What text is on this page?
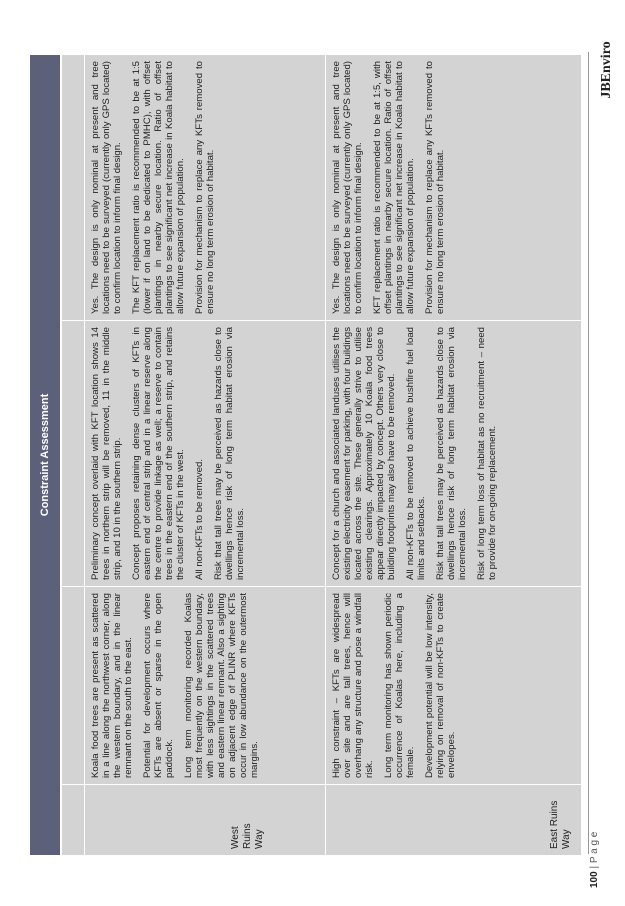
JBEnviro
100 | P a g e
Constraint Assessment
WestRuins
Way

Koala food trees are present as scattered in a line along the northwest corner, along the western boundary, and in the linear remnant on the south to the east. Potential for development occurs where KFTs are absent or sparse in the open paddock. Long term monitoring recorded Koalas most frequently on the western boundary, with less sightings in the scattered trees and eastern linear remnant. Also a sighting on adjacent edge of PLINR where KFTs occur in low abundance on the outermost margins.

Preliminary concept overlaid with KFT location shows 14 trees in northern strip will be removed, 11 in the middle strip, and 10 in the southern strip. Concept proposes retaining dense clusters of KFTs in eastern end of central strip and in a linear reserve along the centre to provide linkage as well; a reserve to contain trees in the eastern end of the southern strip, and retains the cluster of KFTs in the west. All non-KFTs to be removed. Risk that tall trees may be perceived as hazards close to dwellings hence risk of long term habitat erosion via incremental loss.

Yes. The design is only nominal at present and tree locations need to be surveyed (currently only GPS located) to confirm location to inform final design. The KFT replacement ratio is recommended to be at 1:5 (lower if on land to be dedicated to PMHC), with offset plantings in nearby secure location. Ratio of offset plantings to see significant net increase in Koala habitat to allow future expansion of population. Provision for mechanism to replace any KFTs removed to ensure no long term erosion of habitat.

East Ruins Way

High constraint – KFTs are widespread over site and are tall trees, hence will overhang any structure and pose a windfall risk. Long term monitoring has shown periodic occurrence of Koalas here, including a female. Development potential will be low intensity, relying on removal of non-KFTs to create envelopes.

Concept for a church and associated landuses utilises the existing electricity easement for parking, with four buildings located across the site. These generally strive to utilise existing clearings. Approximately 10 Koala food trees appear directly impacted by concept. Others very close to building footprints may also have to be removed. All non-KFTs to be removed to achieve bushfire fuel load limits and setbacks. Risk that tall trees may be perceived as hazards close to dwellings hence risk of long term habitat erosion via incremental loss. Risk of long term loss of habitat as no recruitment – need to provide for on-going replacement.

Yes. The design is only nominal at present and tree locations need to be surveyed (currently only GPS located) to confirm location to inform final design. KFT replacement ratio is recommended to be at 1:5, with offset plantings in nearby secure location. Ratio of offset plantings to see significant net increase in Koala habitat to allow future expansion of population. Provision for mechanism to replace any KFTs removed to ensure no long term erosion of habitat.
